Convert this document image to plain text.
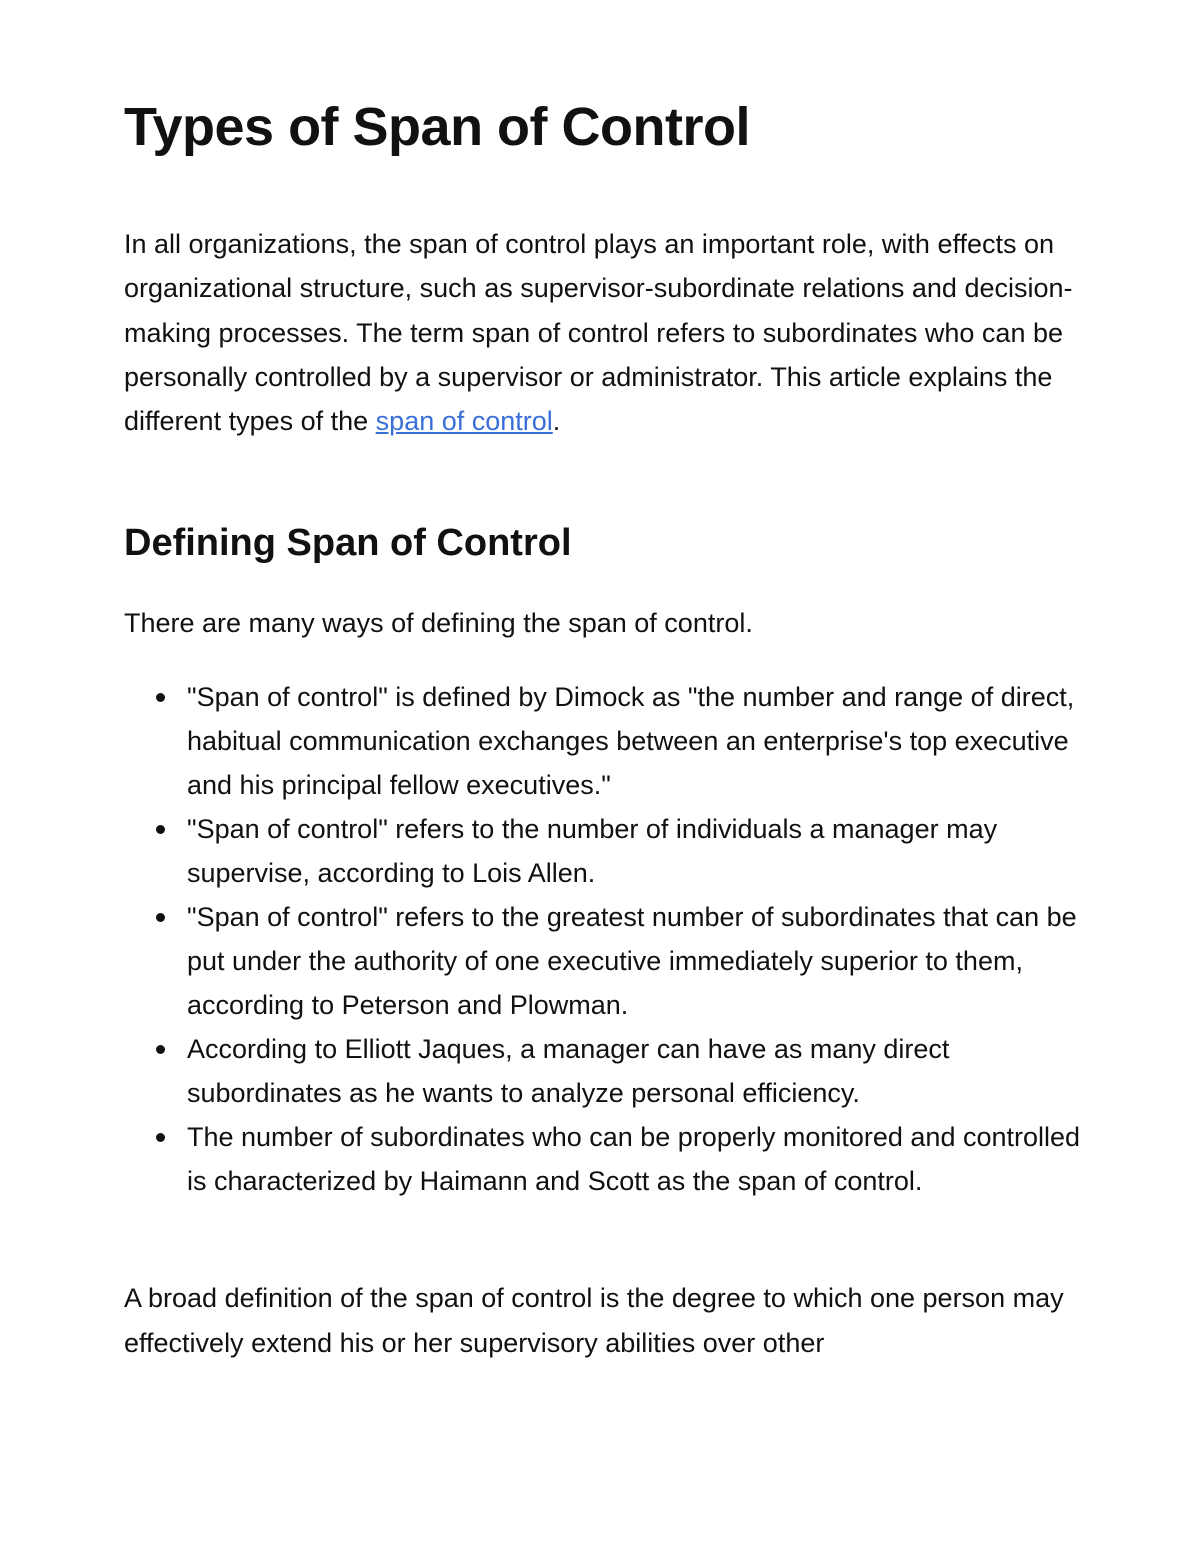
Types of Span of Control

In all organizations, the span of control plays an important role, with effects on organizational structure, such as supervisor-subordinate relations and decision-making processes. The term span of control refers to subordinates who can be personally controlled by a supervisor or administrator. This article explains the different types of the span of control.

Defining Span of Control

There are many ways of defining the span of control.

"Span of control" is defined by Dimock as "the number and range of direct, habitual communication exchanges between an enterprise's top executive and his principal fellow executives."
"Span of control" refers to the number of individuals a manager may supervise, according to Lois Allen.
"Span of control" refers to the greatest number of subordinates that can be put under the authority of one executive immediately superior to them, according to Peterson and Plowman.
According to Elliott Jaques, a manager can have as many direct subordinates as he wants to analyze personal efficiency.
The number of subordinates who can be properly monitored and controlled is characterized by Haimann and Scott as the span of control.

A broad definition of the span of control is the degree to which one person may effectively extend his or her supervisory abilities over other
